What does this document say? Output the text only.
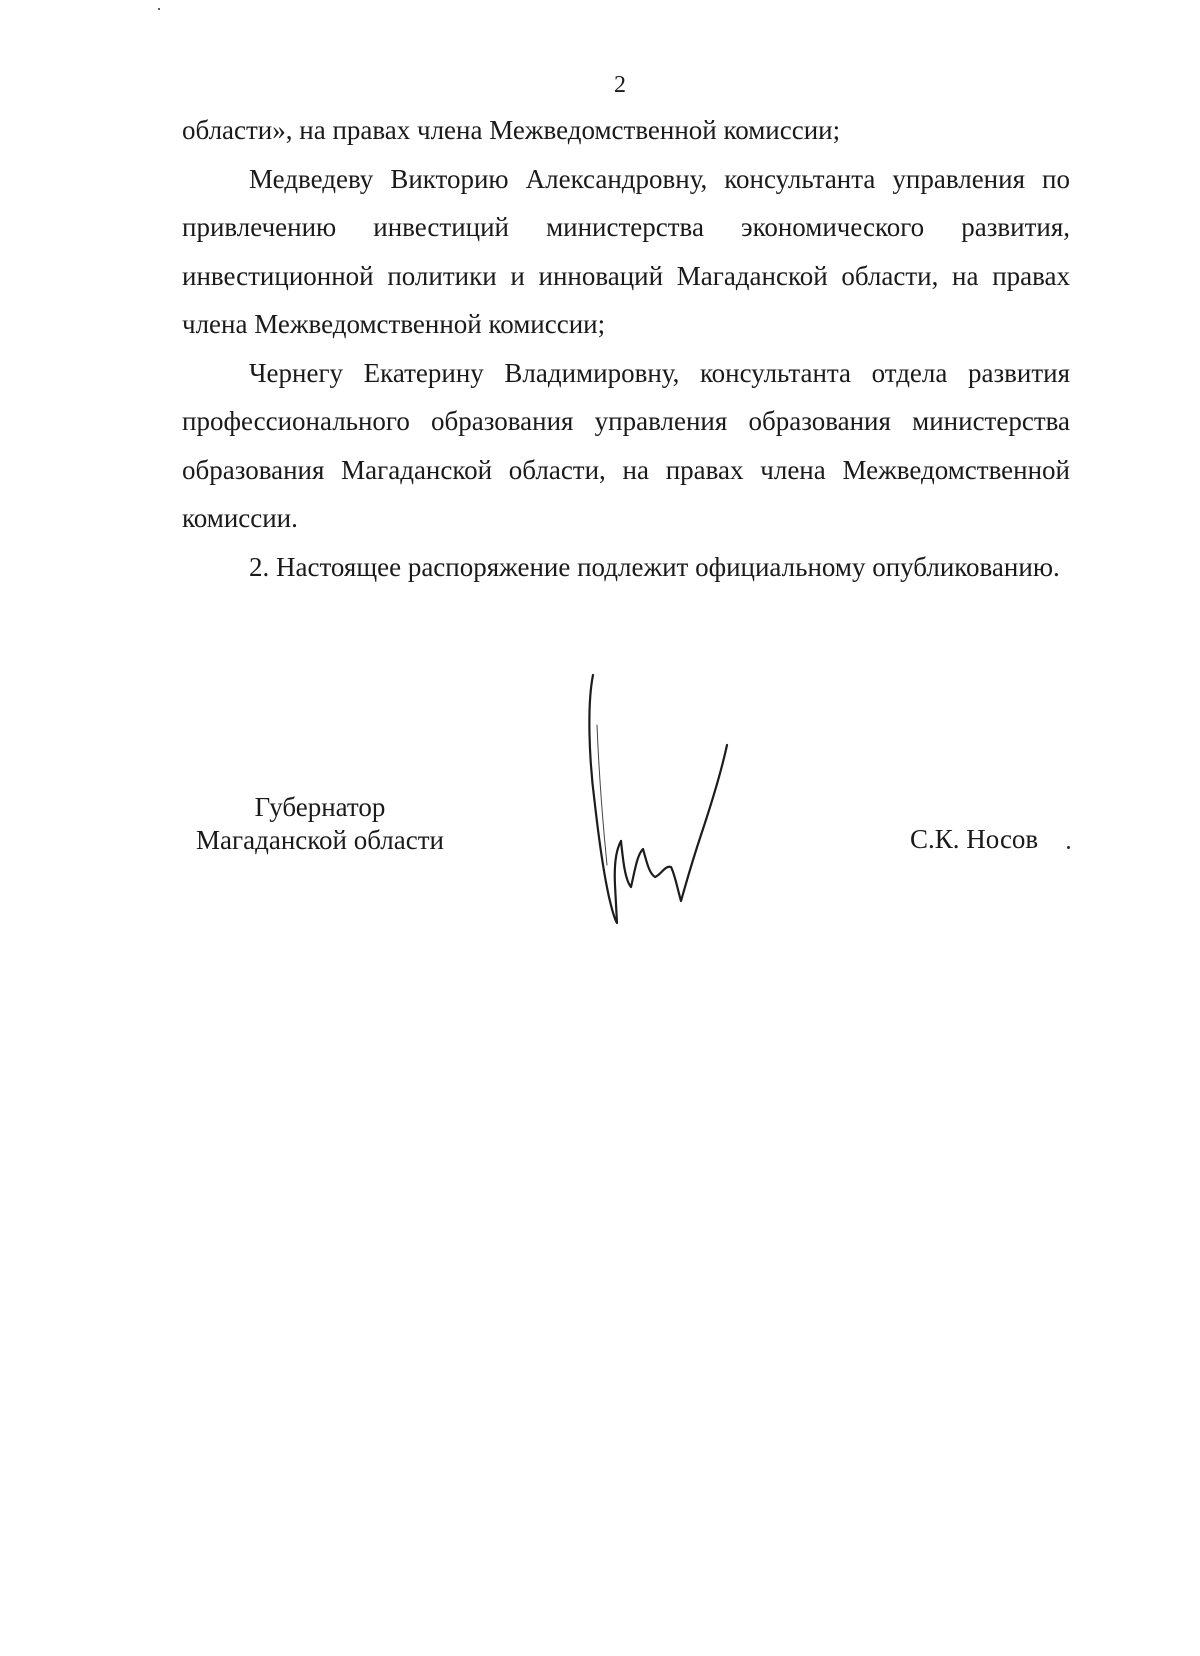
2

области», на правах члена Межведомственной комиссии;

Медведеву Викторию Александровну, консультанта управления по привлечению инвестиций министерства экономического развития, инвестиционной политики и инноваций Магаданской области, на правах члена Межведомственной комиссии;

Чернегу Екатерину Владимировну, консультанта отдела развития профессионального образования управления образования министерства образования Магаданской области, на правах члена Межведомственной комиссии.

2. Настоящее распоряжение подлежит официальному опубликованию.

Губернатор
Магаданской области	С.К. Носов
